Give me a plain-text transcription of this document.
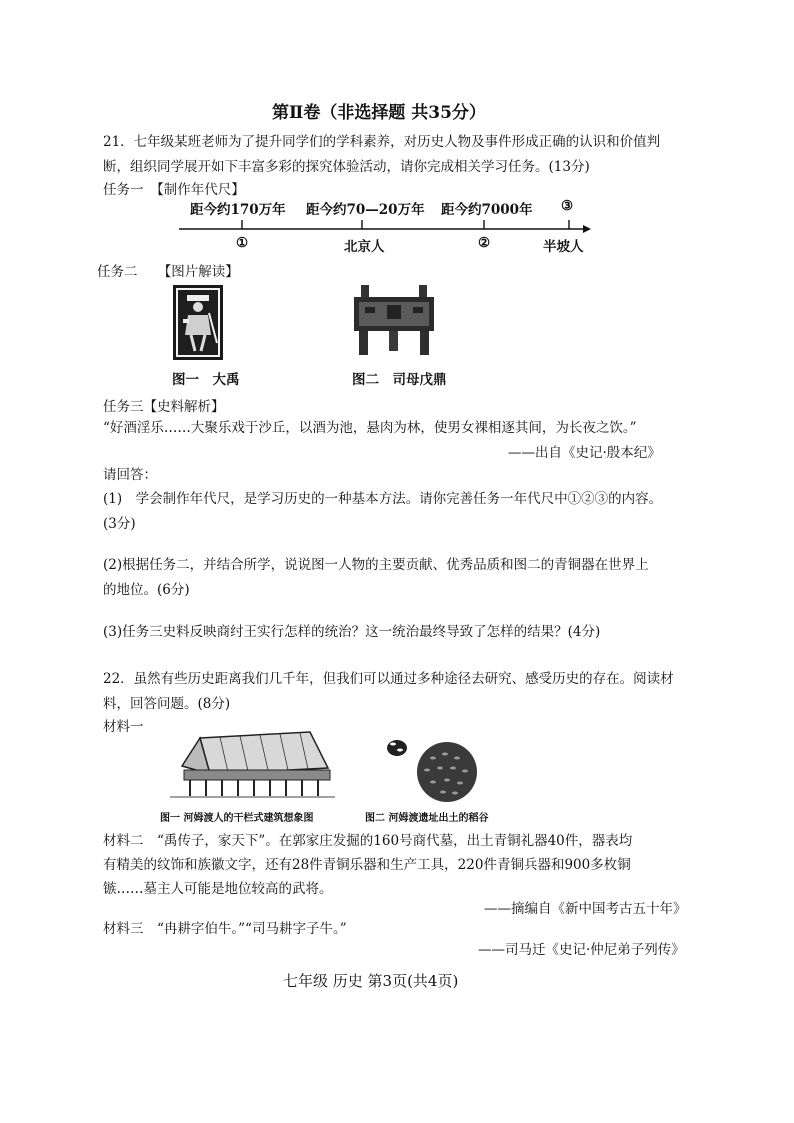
第Ⅱ卷（非选择题 共35分）
21．七年级某班老师为了提升同学们的学科素养，对历史人物及事件形成正确的认识和价值判
断，组织同学展开如下丰富多彩的探究体验活动，请你完成相关学习任务。(13分)
任务一　【制作年代尺】
距今约170万年 距今约70—20万年 距今约7000年 ③
①	北京人	②	半坡人
任务二　　【图片解读】
图一　大禹	图二　司母戊鼎
任务三【史料解析】
“好酒淫乐……大聚乐戏于沙丘，以酒为池，悬肉为林，使男女裸相逐其间，为长夜之饮。”
——出自《史记·殷本纪》
请回答：
(1)　学会制作年代尺，是学习历史的一种基本方法。请你完善任务一年代尺中①②③的内容。
(3分)
(2)根据任务二，并结合所学，说说图一人物的主要贡献、优秀品质和图二的青铜器在世界上
的地位。(6分)
(3)任务三史料反映商纣王实行怎样的统治？这一统治最终导致了怎样的结果？(4分)
22．虽然有些历史距离我们几千年，但我们可以通过多种途径去研究、感受历史的存在。阅读材
料，回答问题。(8分)
材料一
图一 河姆渡人的干栏式建筑想象图	图二 河姆渡遗址出土的稻谷
材料二　“禹传子，家天下”。在郭家庄发掘的160号商代墓，出土青铜礼器40件，器表均
有精美的纹饰和族徽文字，还有28件青铜乐器和生产工具，220件青铜兵器和900多枚铜
镞……墓主人可能是地位较高的武将。
——摘编自《新中国考古五十年》
材料三　“冉耕字伯牛。”“司马耕字子牛。”
——司马迁《史记·仲尼弟子列传》
七年级 历史 第3页(共4页)
